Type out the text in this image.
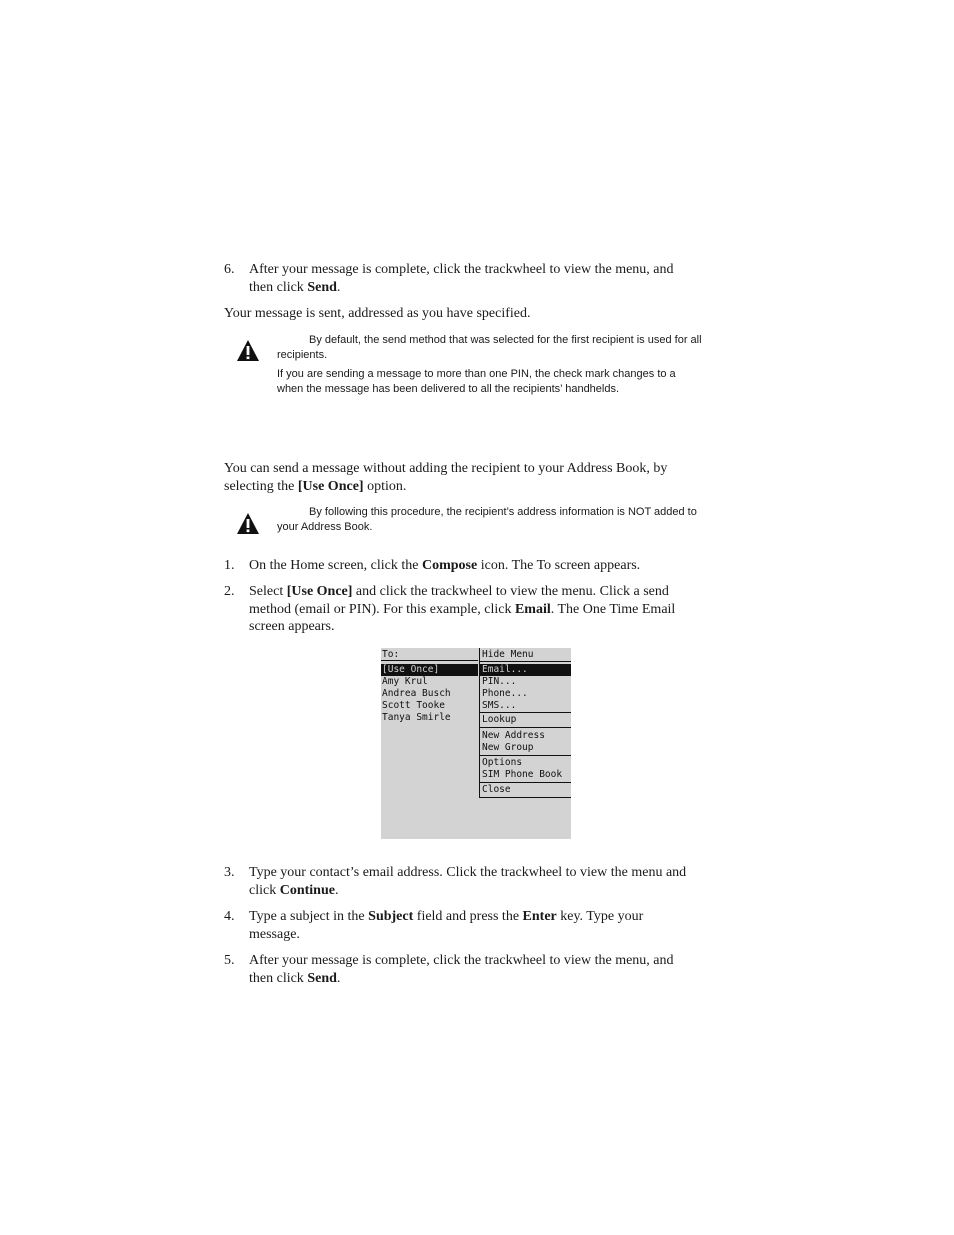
6. After your message is complete, click the trackwheel to view the menu, and
then click Send.
Your message is sent, addressed as you have specified.
By default, the send method that was selected for the first recipient is used for all
recipients.
If you are sending a message to more than one PIN, the check mark changes to a
when the message has been delivered to all the recipients’ handhelds.
You can send a message without adding the recipient to your Address Book, by
selecting the [Use Once] option.
By following this procedure, the recipient’s address information is NOT added to
your Address Book.
1. On the Home screen, click the Compose icon. The To screen appears.
2. Select [Use Once] and click the trackwheel to view the menu. Click a send
method (email or PIN). For this example, click Email. The One Time Email
screen appears.
To:
[Use Once]
Amy Krul
Andrea Busch
Scott Tooke
Tanya Smirle
Hide Menu
Email...
PIN...
Phone...
SMS...
Lookup
New Address
New Group
Options
SIM Phone Book
Close
3. Type your contact’s email address. Click the trackwheel to view the menu and
click Continue.
4. Type a subject in the Subject field and press the Enter key. Type your
message.
5. After your message is complete, click the trackwheel to view the menu, and
then click Send.
